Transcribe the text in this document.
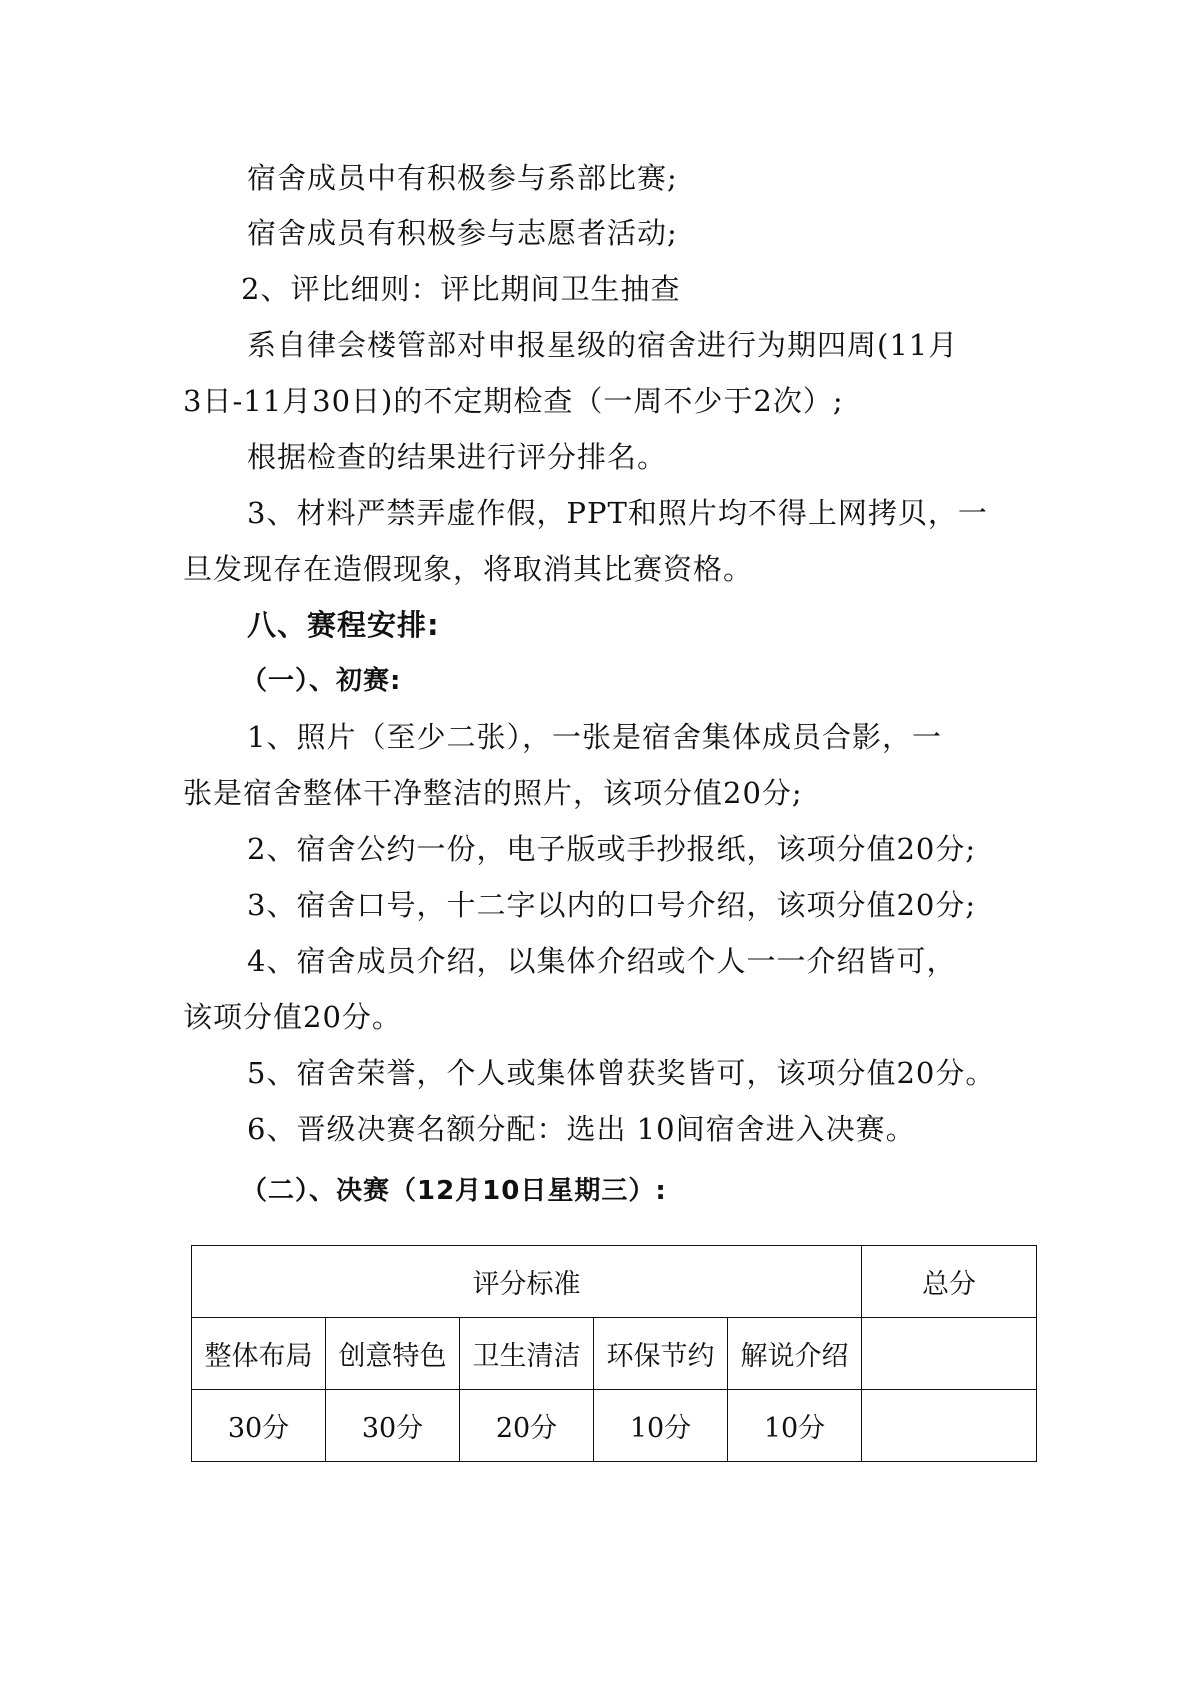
宿舍成员中有积极参与系部比赛;
宿舍成员有积极参与志愿者活动;
2、评比细则：评比期间卫生抽查
系自律会楼管部对申报星级的宿舍进行为期四周(11月
3日-11月30日)的不定期检查（一周不少于2次）;
根据检查的结果进行评分排名。
3、材料严禁弄虚作假，PPT和照片均不得上网拷贝，一
旦发现存在造假现象，将取消其比赛资格。
八、赛程安排:
（一）、初赛:
1、照片（至少二张），一张是宿舍集体成员合影，一
张是宿舍整体干净整洁的照片，该项分值20分;
2、宿舍公约一份，电子版或手抄报纸，该项分值20分;
3、宿舍口号，十二字以内的口号介绍，该项分值20分;
4、宿舍成员介绍，以集体介绍或个人一一介绍皆可，
该项分值20分。
5、宿舍荣誉，个人或集体曾获奖皆可，该项分值20分。
6、晋级决赛名额分配：选出 10间宿舍进入决赛。
（二）、决赛（12月10日星期三）:
评分标准					总分
整体布局	创意特色	卫生清洁	环保节约	解说介绍	
30分	30分	20分	10分	10分	
